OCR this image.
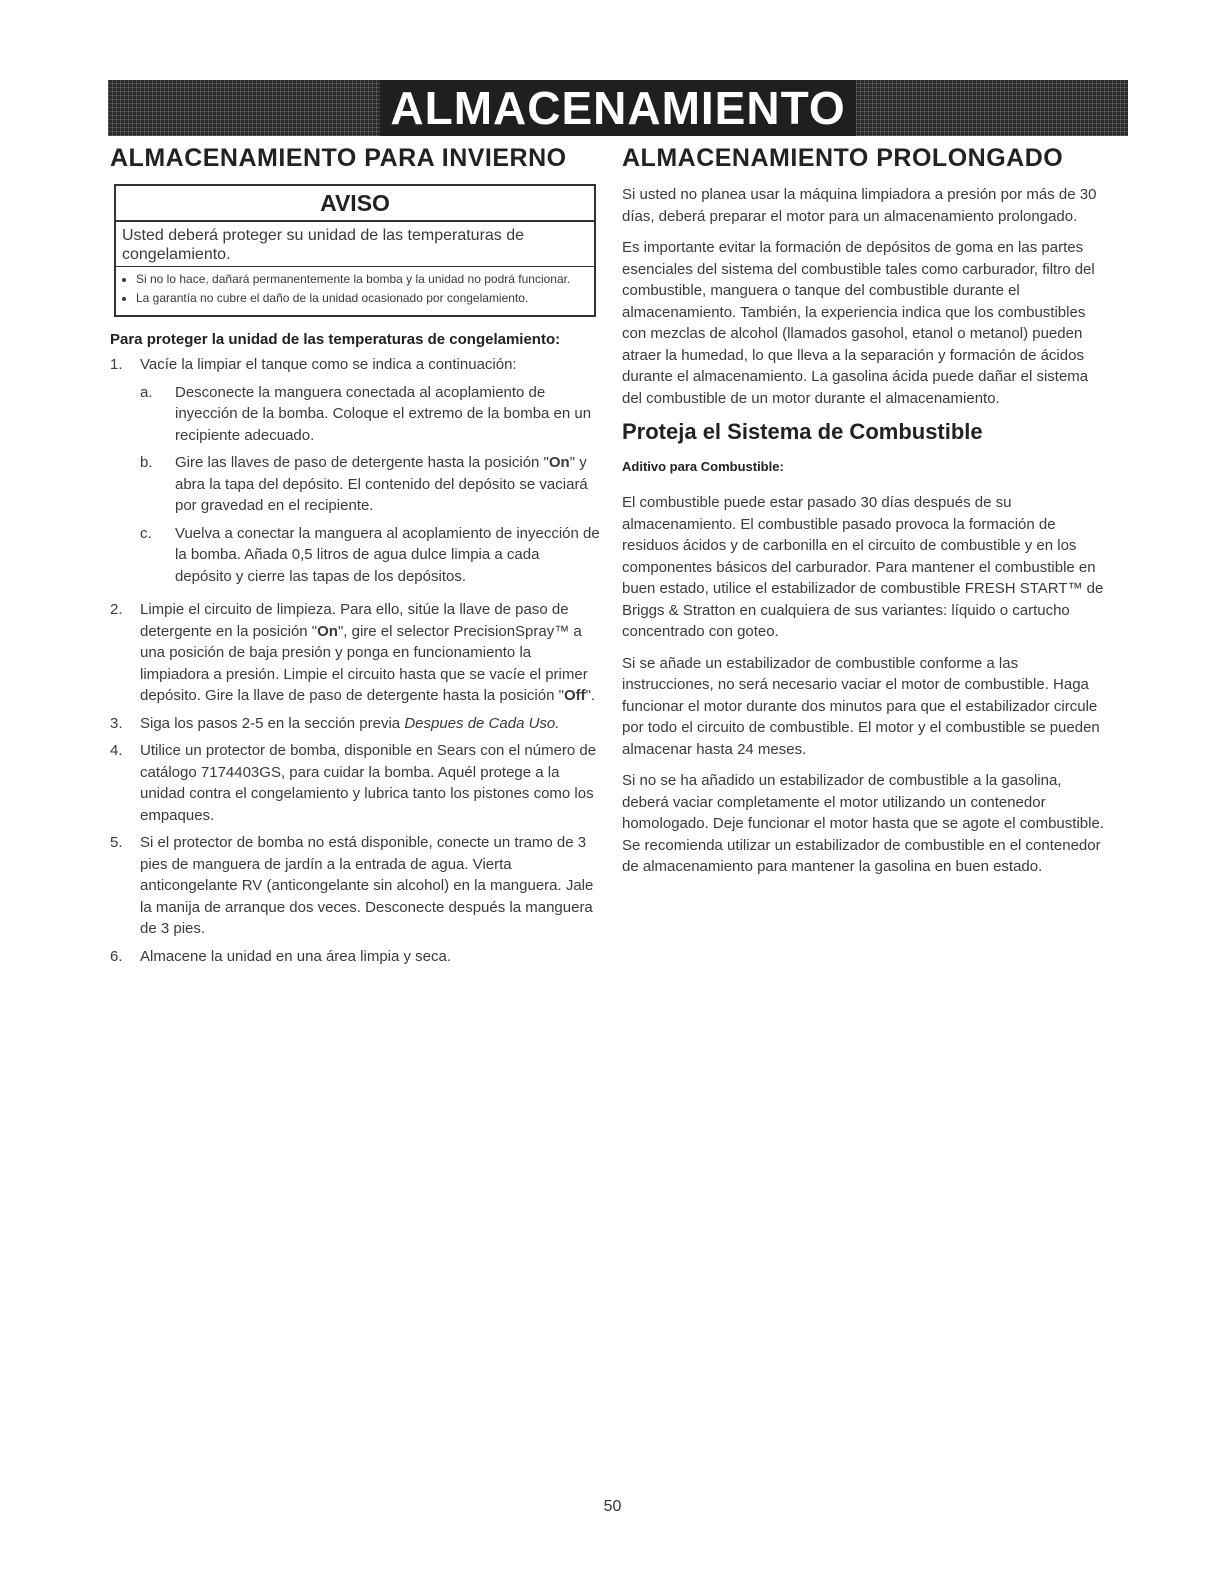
ALMACENAMIENTO
ALMACENAMIENTO PARA INVIERNO
AVISO
Usted deberá proteger su unidad de las temperaturas de congelamiento.
• Si no lo hace, dañará permanentemente la bomba y la unidad no podrá funcionar.
• La garantía no cubre el daño de la unidad ocasionado por congelamiento.
Para proteger la unidad de las temperaturas de congelamiento:
1.	Vacíe la limpiar el tanque como se indica a continuación:
a.	Desconecte la manguera conectada al acoplamiento de inyección de la bomba. Coloque el extremo de la bomba en un recipiente adecuado.
b.	Gire las llaves de paso de detergente hasta la posición "On" y abra la tapa del depósito. El contenido del depósito se vaciará por gravedad en el recipiente.
c.	Vuelva a conectar la manguera al acoplamiento de inyección de la bomba. Añada 0,5 litros de agua dulce limpia a cada depósito y cierre las tapas de los depósitos.
2.	Limpie el circuito de limpieza. Para ello, sitúe la llave de paso de detergente en la posición "On", gire el selector PrecisionSpray™ a una posición de baja presión y ponga en funcionamiento la limpiadora a presión. Limpie el circuito hasta que se vacíe el primer depósito. Gire la llave de paso de detergente hasta la posición "Off".
3.	Siga los pasos 2-5 en la sección previa Despues de Cada Uso.
4.	Utilice un protector de bomba, disponible en Sears con el número de catálogo 7174403GS, para cuidar la bomba. Aquél protege a la unidad contra el congelamiento y lubrica tanto los pistones como los empaques.
5.	Si el protector de bomba no está disponible, conecte un tramo de 3 pies de manguera de jardín a la entrada de agua. Vierta anticongelante RV (anticongelante sin alcohol) en la manguera. Jale la manija de arranque dos veces. Desconecte después la manguera de 3 pies.
6.	Almacene la unidad en una área limpia y seca.
ALMACENAMIENTO PROLONGADO

Si usted no planea usar la máquina limpiadora a presión por más de 30 días, deberá preparar el motor para un almacenamiento prolongado.

Es importante evitar la formación de depósitos de goma en las partes esenciales del sistema del combustible tales como carburador, filtro del combustible, manguera o tanque del combustible durante el almacenamiento. También, la experiencia indica que los combustibles con mezclas de alcohol (llamados gasohol, etanol o metanol) pueden atraer la humedad, lo que lleva a la separación y formación de ácidos durante el almacenamiento. La gasolina ácida puede dañar el sistema del combustible de un motor durante el almacenamiento.

Proteja el Sistema de Combustible
Aditivo para Combustible:

El combustible puede estar pasado 30 días después de su almacenamiento. El combustible pasado provoca la formación de residuos ácidos y de carbonilla en el circuito de combustible y en los componentes básicos del carburador. Para mantener el combustible en buen estado, utilice el estabilizador de combustible FRESH START™ de Briggs & Stratton en cualquiera de sus variantes: líquido o cartucho concentrado con goteo.

Si se añade un estabilizador de combustible conforme a las instrucciones, no será necesario vaciar el motor de combustible. Haga funcionar el motor durante dos minutos para que el estabilizador circule por todo el circuito de combustible. El motor y el combustible se pueden almacenar hasta 24 meses.

Si no se ha añadido un estabilizador de combustible a la gasolina, deberá vaciar completamente el motor utilizando un contenedor homologado. Deje funcionar el motor hasta que se agote el combustible. Se recomienda utilizar un estabilizador de combustible en el contenedor de almacenamiento para mantener la gasolina en buen estado.

50
